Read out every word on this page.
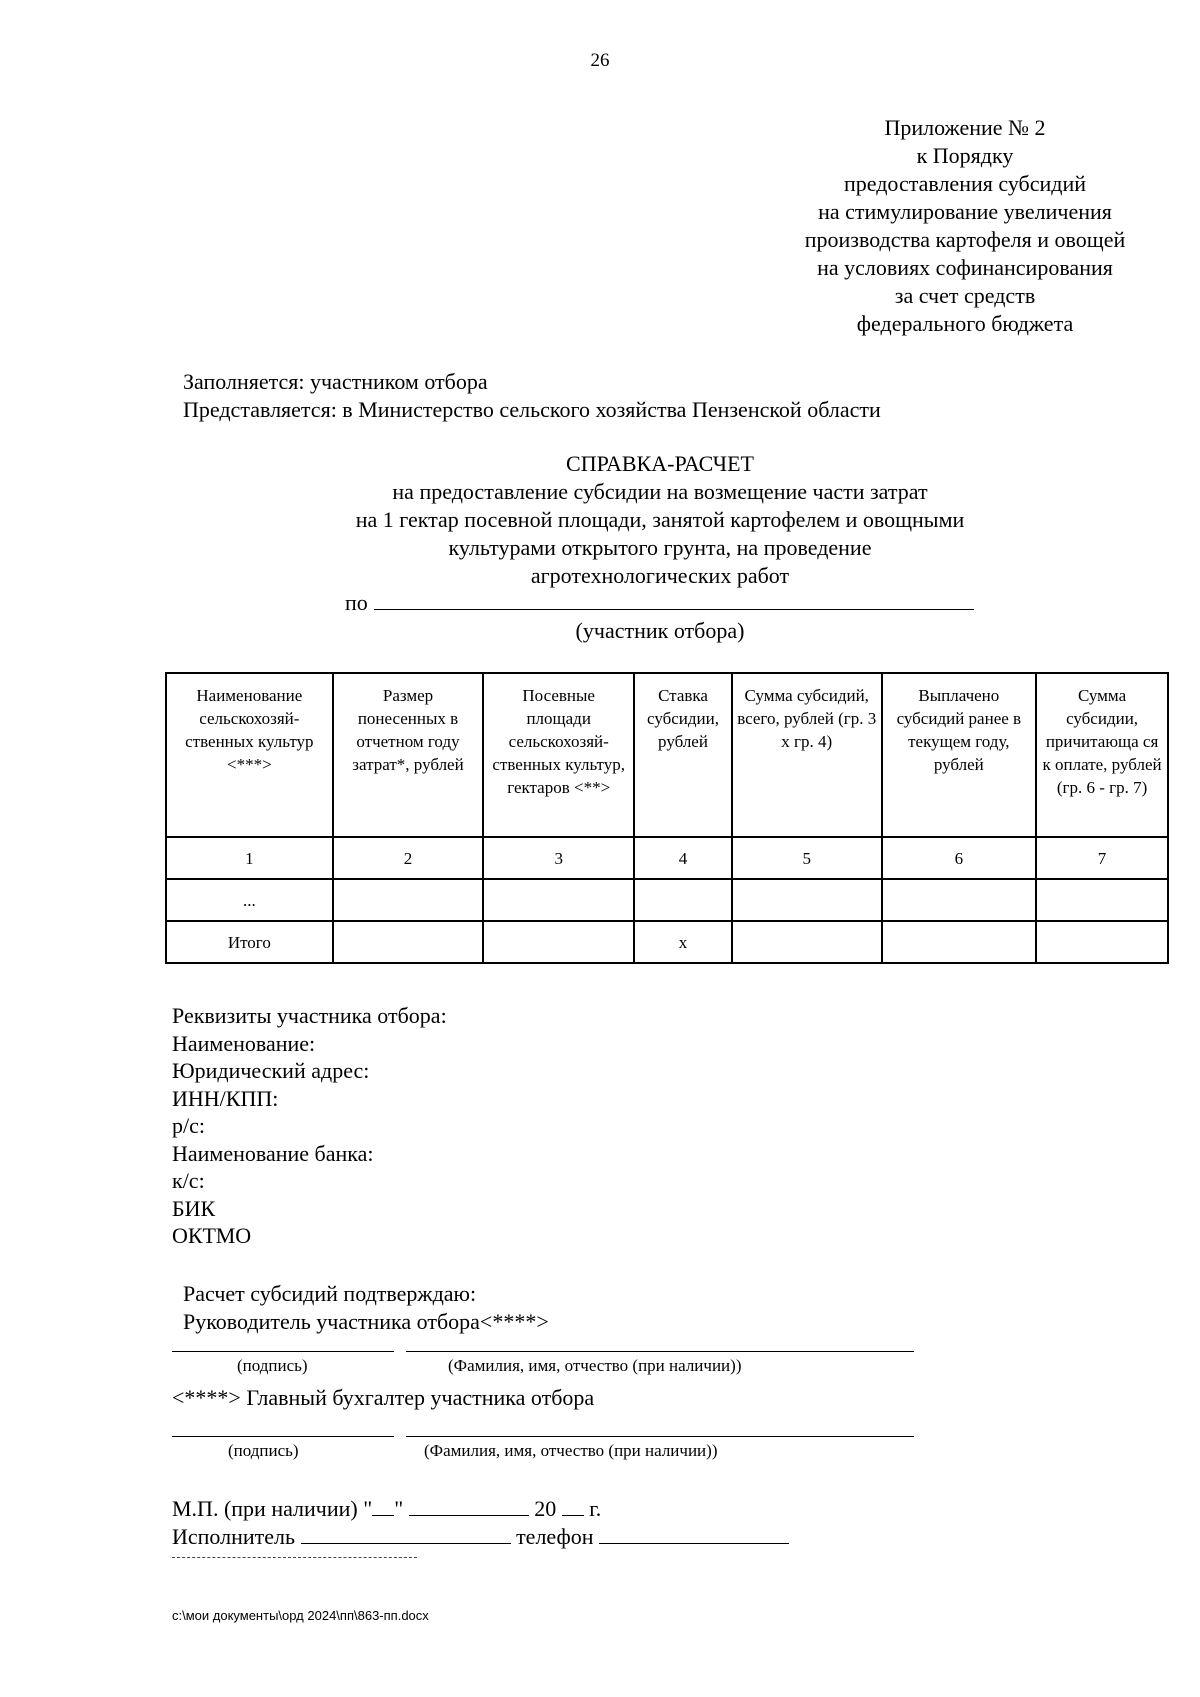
26
Приложение № 2
к Порядку
предоставления субсидий
на стимулирование увеличения
производства картофеля и овощей
на условиях софинансирования
за счет средств
федерального бюджета
Заполняется: участником отбора
Представляется: в Министерство сельского хозяйства Пензенской области
СПРАВКА-РАСЧЕТ
на предоставление субсидии на возмещение части затрат
на 1 гектар посевной площади, занятой картофелем и овощными
культурами открытого грунта, на проведение
агротехнологических работ
по
(участник отбора)
Наименование сельскохозяй-ственных культур <***>	Размер понесенных в отчетном году затрат*, рублей	Посевные площади сельскохозяй-ственных культур, гектаров <**>	Ставка субсидии, рублей	Сумма субсидий, всего, рублей (гр. 3 x гр. 4)	Выплачено субсидий ранее в текущем году, рублей	Сумма субсидии, причитающа ся к оплате, рублей (гр. 6 - гр. 7)
1	2	3	4	5	6	7
...						
Итого			x			
Реквизиты участника отбора:
Наименование:
Юридический адрес:
ИНН/КПП:
р/с:
Наименование банка:
к/с:
БИК
ОКТМО
Расчет субсидий подтверждаю:
Руководитель участника отбора<****>
(подпись)	(Фамилия, имя, отчество (при наличии))
<****> Главный бухгалтер участника отбора
(подпись)	(Фамилия, имя, отчество (при наличии))
М.П. (при наличии) " "	20 г.
Исполнитель	телефон
c:\мои документы\орд 2024\пп\863-пп.docx
